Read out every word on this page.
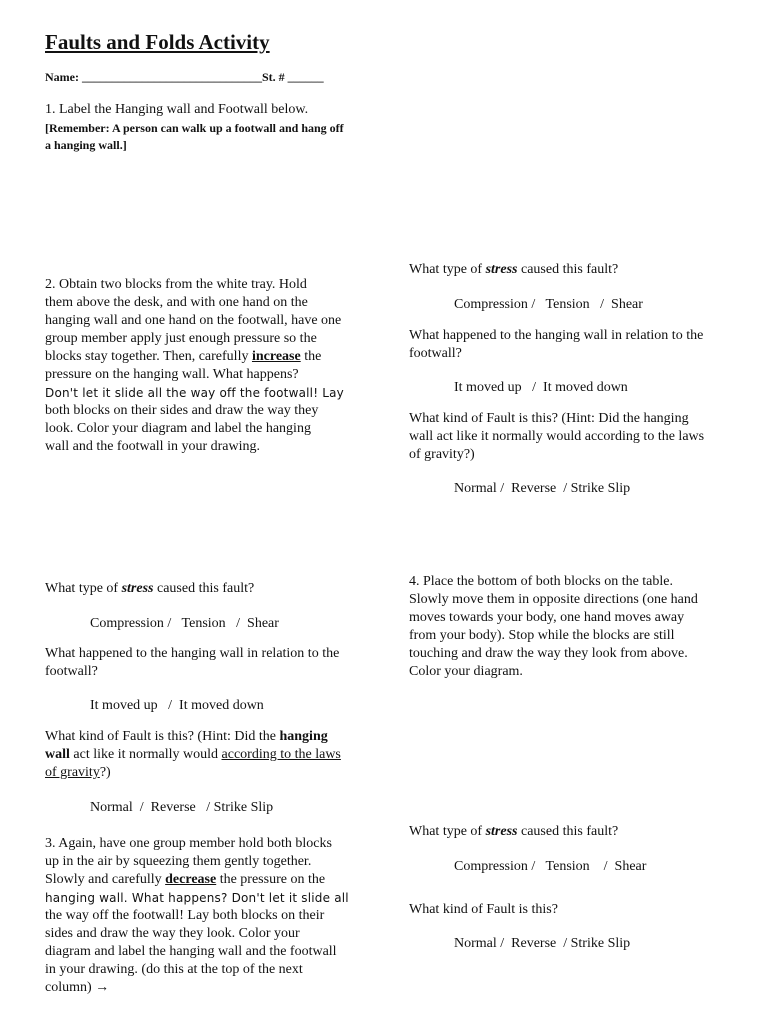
Faults and Folds Activity
Name: ______________________________St. # ______
1. Label the Hanging wall and Footwall below.
[Remember: A person can walk up a footwall and hang off
a hanging wall.]
2. Obtain two blocks from the white tray. Hold
them above the desk, and with one hand on the
hanging wall and one hand on the footwall, have one
group member apply just enough pressure so the
blocks stay together. Then, carefully increase the
pressure on the hanging wall. What happens?
Don't let it slide all the way off the footwall! Lay
both blocks on their sides and draw the way they
look. Color your diagram and label the hanging
wall and the footwall in your drawing.
What type of stress caused this fault?
Compression /   Tension   /  Shear
What happened to the hanging wall in relation to the
footwall?
It moved up   /  It moved down
What kind of Fault is this? (Hint: Did the hanging
wall act like it normally would according to the laws
of gravity?)
Normal /  Reverse  / Strike Slip
What type of stress caused this fault?
Compression /   Tension   /  Shear
What happened to the hanging wall in relation to the
footwall?
It moved up   /  It moved down
What kind of Fault is this? (Hint: Did the hanging
wall act like it normally would according to the laws
of gravity?)
Normal  /  Reverse   / Strike Slip
3. Again, have one group member hold both blocks
up in the air by squeezing them gently together.
Slowly and carefully decrease the pressure on the
hanging wall. What happens? Don't let it slide all
the way off the footwall! Lay both blocks on their
sides and draw the way they look. Color your
diagram and label the hanging wall and the footwall
in your drawing. (do this at the top of the next
column) →
4. Place the bottom of both blocks on the table.
Slowly move them in opposite directions (one hand
moves towards your body, one hand moves away
from your body). Stop while the blocks are still
touching and draw the way they look from above.
Color your diagram.
What type of stress caused this fault?
Compression /   Tension    /  Shear
What kind of Fault is this?
Normal /  Reverse  / Strike Slip
